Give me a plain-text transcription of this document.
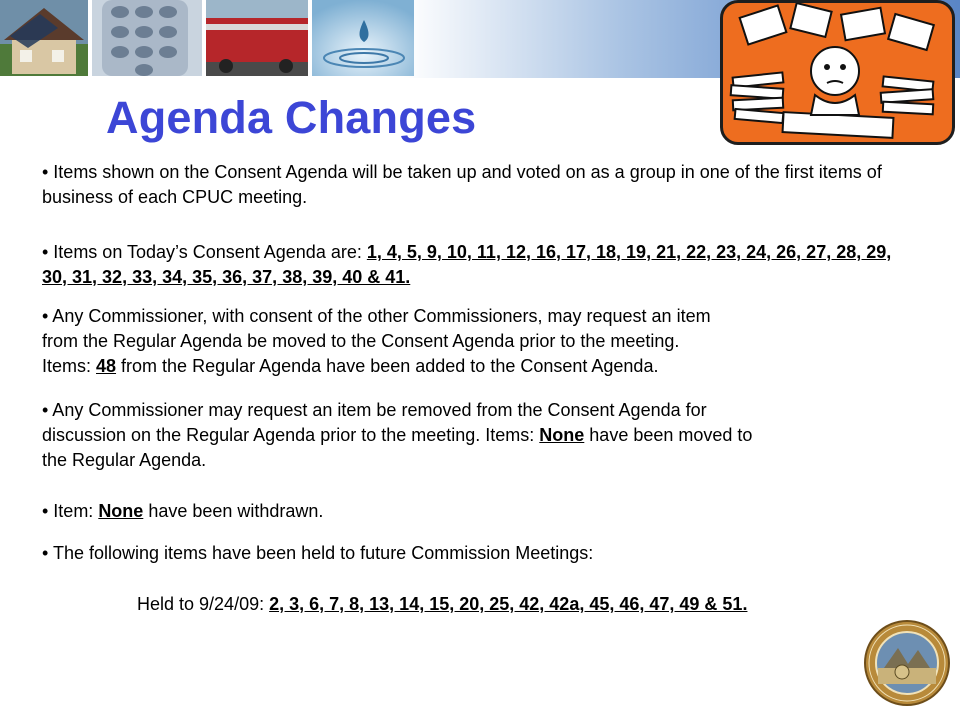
Agenda Changes

• Items shown on the Consent Agenda will be taken up and voted on as a group in one of the first items of business of each CPUC meeting.

• Items on Today’s Consent Agenda are: 1, 4, 5, 9, 10, 11, 12, 16, 17, 18, 19, 21, 22, 23, 24, 26, 27, 28, 29, 30, 31, 32, 33, 34, 35, 36, 37, 38, 39, 40 & 41.

• Any Commissioner, with consent of the other Commissioners, may request an item
from the Regular Agenda be moved to the Consent Agenda prior to the meeting.
Items: 48 from the Regular Agenda have been added to the Consent Agenda.

• Any Commissioner may request an item be removed from the Consent Agenda for
discussion on the Regular Agenda prior to the meeting. Items: None have been moved to
the Regular Agenda.

• Item: None have been withdrawn.

• The following items have been held to future Commission Meetings:

Held to 9/24/09: 2, 3, 6, 7, 8, 13, 14, 15, 20, 25, 42, 42a, 45, 46, 47, 49 & 51.
